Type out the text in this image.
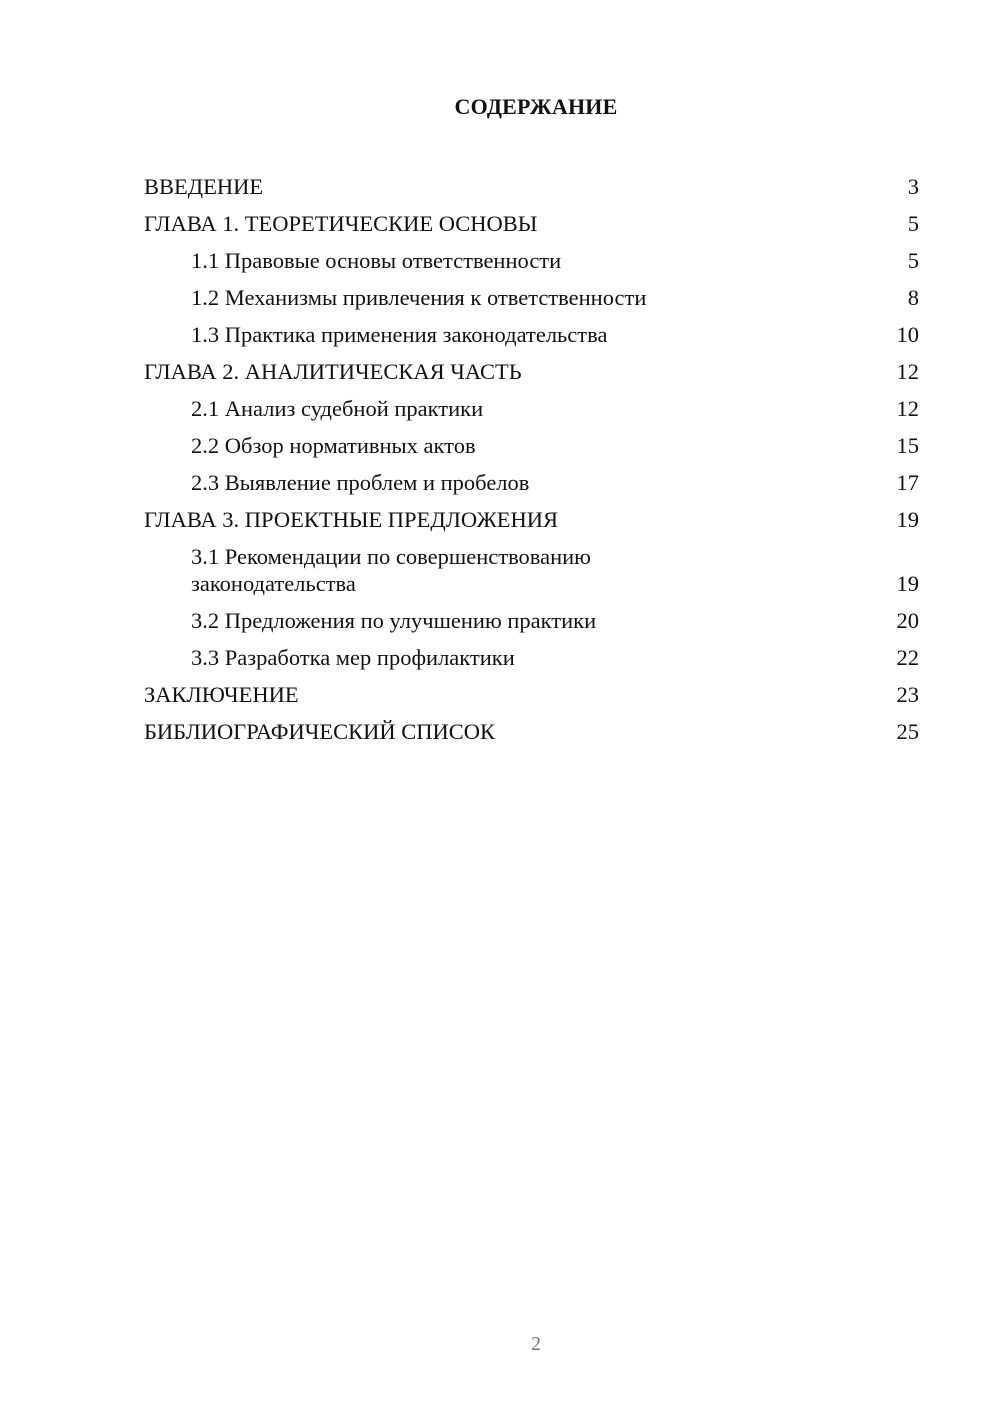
СОДЕРЖАНИЕ
ВВЕДЕНИЕ	3
ГЛАВА 1. ТЕОРЕТИЧЕСКИЕ ОСНОВЫ	5
1.1 Правовые основы ответственности	5
1.2 Механизмы привлечения к ответственности	8
1.3 Практика применения законодательства	10
ГЛАВА 2. АНАЛИТИЧЕСКАЯ ЧАСТЬ	12
2.1 Анализ судебной практики	12
2.2 Обзор нормативных актов	15
2.3 Выявление проблем и пробелов	17
ГЛАВА 3. ПРОЕКТНЫЕ ПРЕДЛОЖЕНИЯ	19
3.1 Рекомендации по совершенствованию
законодательства	19
3.2 Предложения по улучшению практики	20
3.3 Разработка мер профилактики	22
ЗАКЛЮЧЕНИЕ	23
БИБЛИОГРАФИЧЕСКИЙ СПИСОК	25
2
